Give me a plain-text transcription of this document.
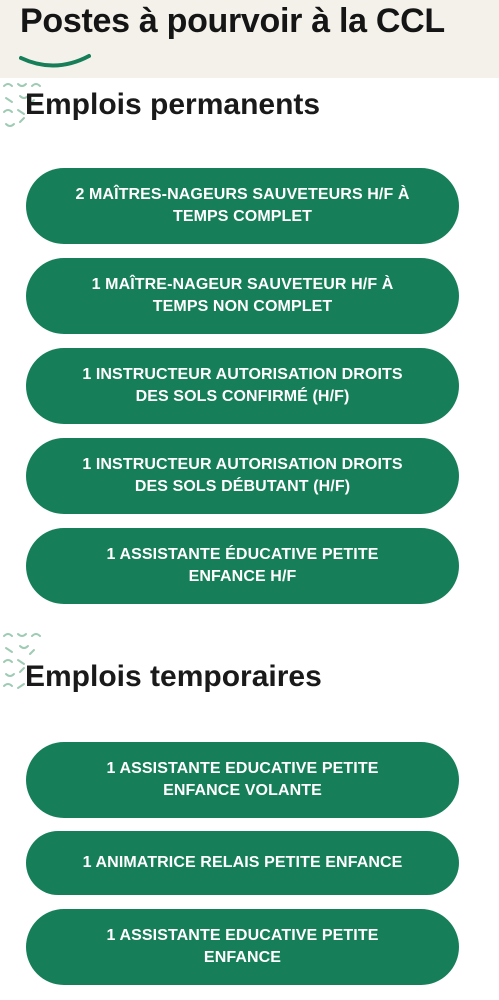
Postes à pourvoir à la CCL
Emplois permanents
2 MAÎTRES-NAGEURS SAUVETEURS H/F À TEMPS COMPLET
1 MAÎTRE-NAGEUR SAUVETEUR H/F À TEMPS NON COMPLET
1 INSTRUCTEUR AUTORISATION DROITS DES SOLS CONFIRMÉ (H/F)
1 INSTRUCTEUR AUTORISATION DROITS DES SOLS DÉBUTANT (H/F)
1 ASSISTANTE ÉDUCATIVE PETITE ENFANCE H/F
Emplois temporaires
1 ASSISTANTE EDUCATIVE PETITE ENFANCE VOLANTE
1 ANIMATRICE RELAIS PETITE ENFANCE
1 ASSISTANTE EDUCATIVE PETITE ENFANCE
